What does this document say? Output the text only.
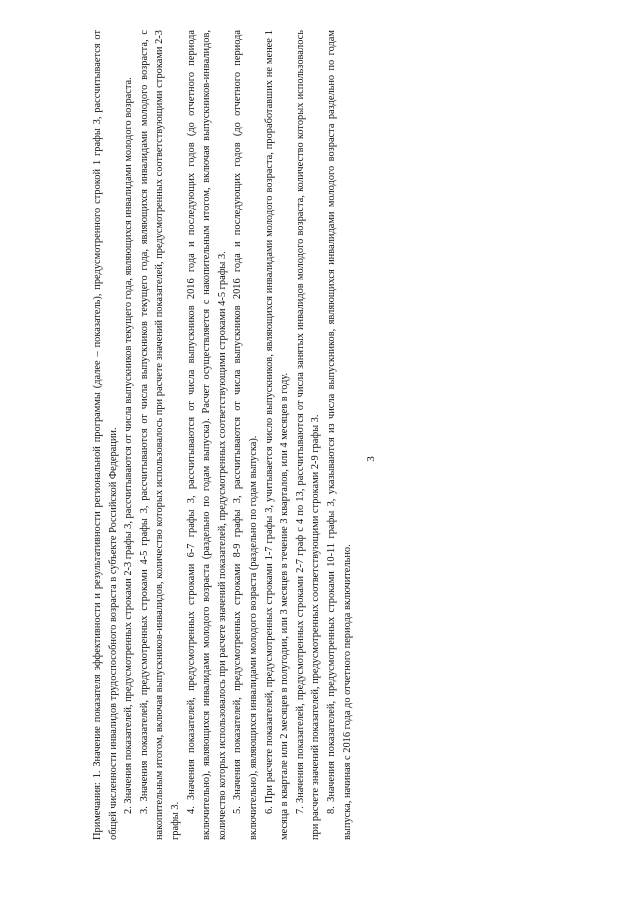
3

Примечания: 1. Значение показателя эффективности и результативности региональной программы (далее – показатель), предусмотренного строкой 1 графы 3, рассчитывается от общей численности инвалидов трудоспособного возраста в субъекте Российской Федерации. 2. Значения показателей, предусмотренных строками 2-3 графы 3, рассчитываются от числа выпускников текущего года, являющихся инвалидами молодого возраста. 3. Значения показателей, предусмотренных строками 4-5 графы 3, рассчитываются от числа выпускников текущего года, являющихся инвалидами молодого возраста, с накопительным итогом, включая выпускников-инвалидов, количество которых использовалось при расчете значений показателей, предусмотренных соответствующими строками 2-3 графы 3.

4. Значения показателей, предусмотренных строками 6-7 графы 3, рассчитываются от числа выпускников 2016 года и последующих годов (до отчетного периода включительно), являющихся инвалидами молодого возраста (раздельно по годам выпуска). Расчет осуществляется с накопительным итогом, включая выпускников-инвалидов, количество которых использовалось при расчете значений показателей, предусмотренных соответствующими строками 4-5 графы 3. 5. Значения показателей, предусмотренных строками 8-9 графы 3, рассчитываются от числа выпускников 2016 года и последующих годов (до отчетного периода включительно), являющихся инвалидами молодого возраста (раздельно по годам выпуска). 6. При расчете показателей, предусмотренных строками 1-7 графы 3, учитывается число выпускников, являющихся инвалидами молодого возраста, проработавших не менее 1 месяца в квартале или 2 месяцев в полугодии, или 3 месяцев в течение 3 кварталов, или 4 месяцев в году. 7. Значения показателей, предусмотренных строками 2-7 граф с 4 по 13, рассчитываются от числа занятых инвалидов молодого возраста, количество которых использовалось при расчете значений показателей, предусмотренных соответствующими строками 2-9 графы 3. 8. Значения показателей, предусмотренных строками 10-11 графы 3, указываются из числа выпускников, являющихся инвалидами молодого возраста раздельно по годам выпуска, начиная с 2016 года до отчетного периода включительно.
